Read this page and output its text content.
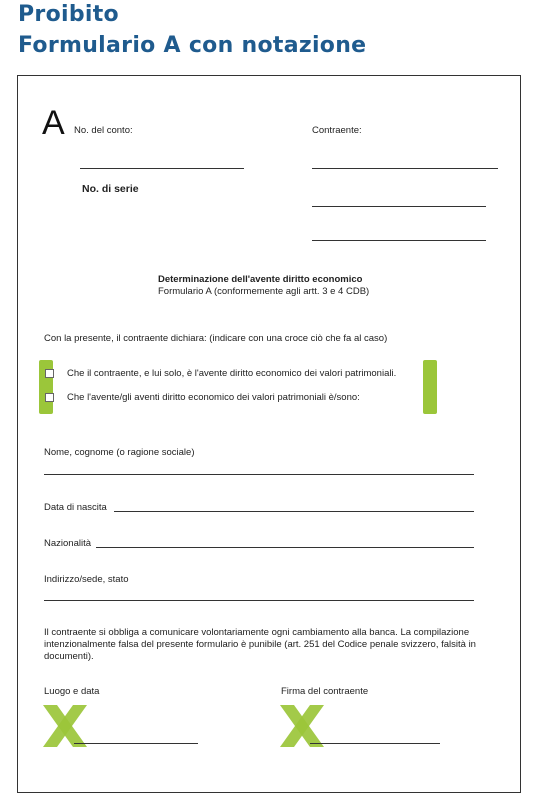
Proibito
Formulario A con notazione
A No. del conto:	Contraente:
No. di serie
Determinazione dell'avente diritto economico
Formulario A (conformemente agli artt. 3 e 4 CDB)
Con la presente, il contraente dichiara: (indicare con una croce ciò che fa al caso)
Che il contraente, e lui solo, è l'avente diritto economico dei valori patrimoniali.
Che l'avente/gli aventi diritto economico dei valori patrimoniali è/sono:
Nome, cognome (o ragione sociale)
Data di nascita
Nazionalità
Indirizzo/sede, stato
Il contraente si obbliga a comunicare volontariamente ogni cambiamento alla banca. La compilazione
intenzionalmente falsa del presente formulario è punibile (art. 251 del Codice penale svizzero, falsità in
documenti).
Luogo e data	Firma del contraente
